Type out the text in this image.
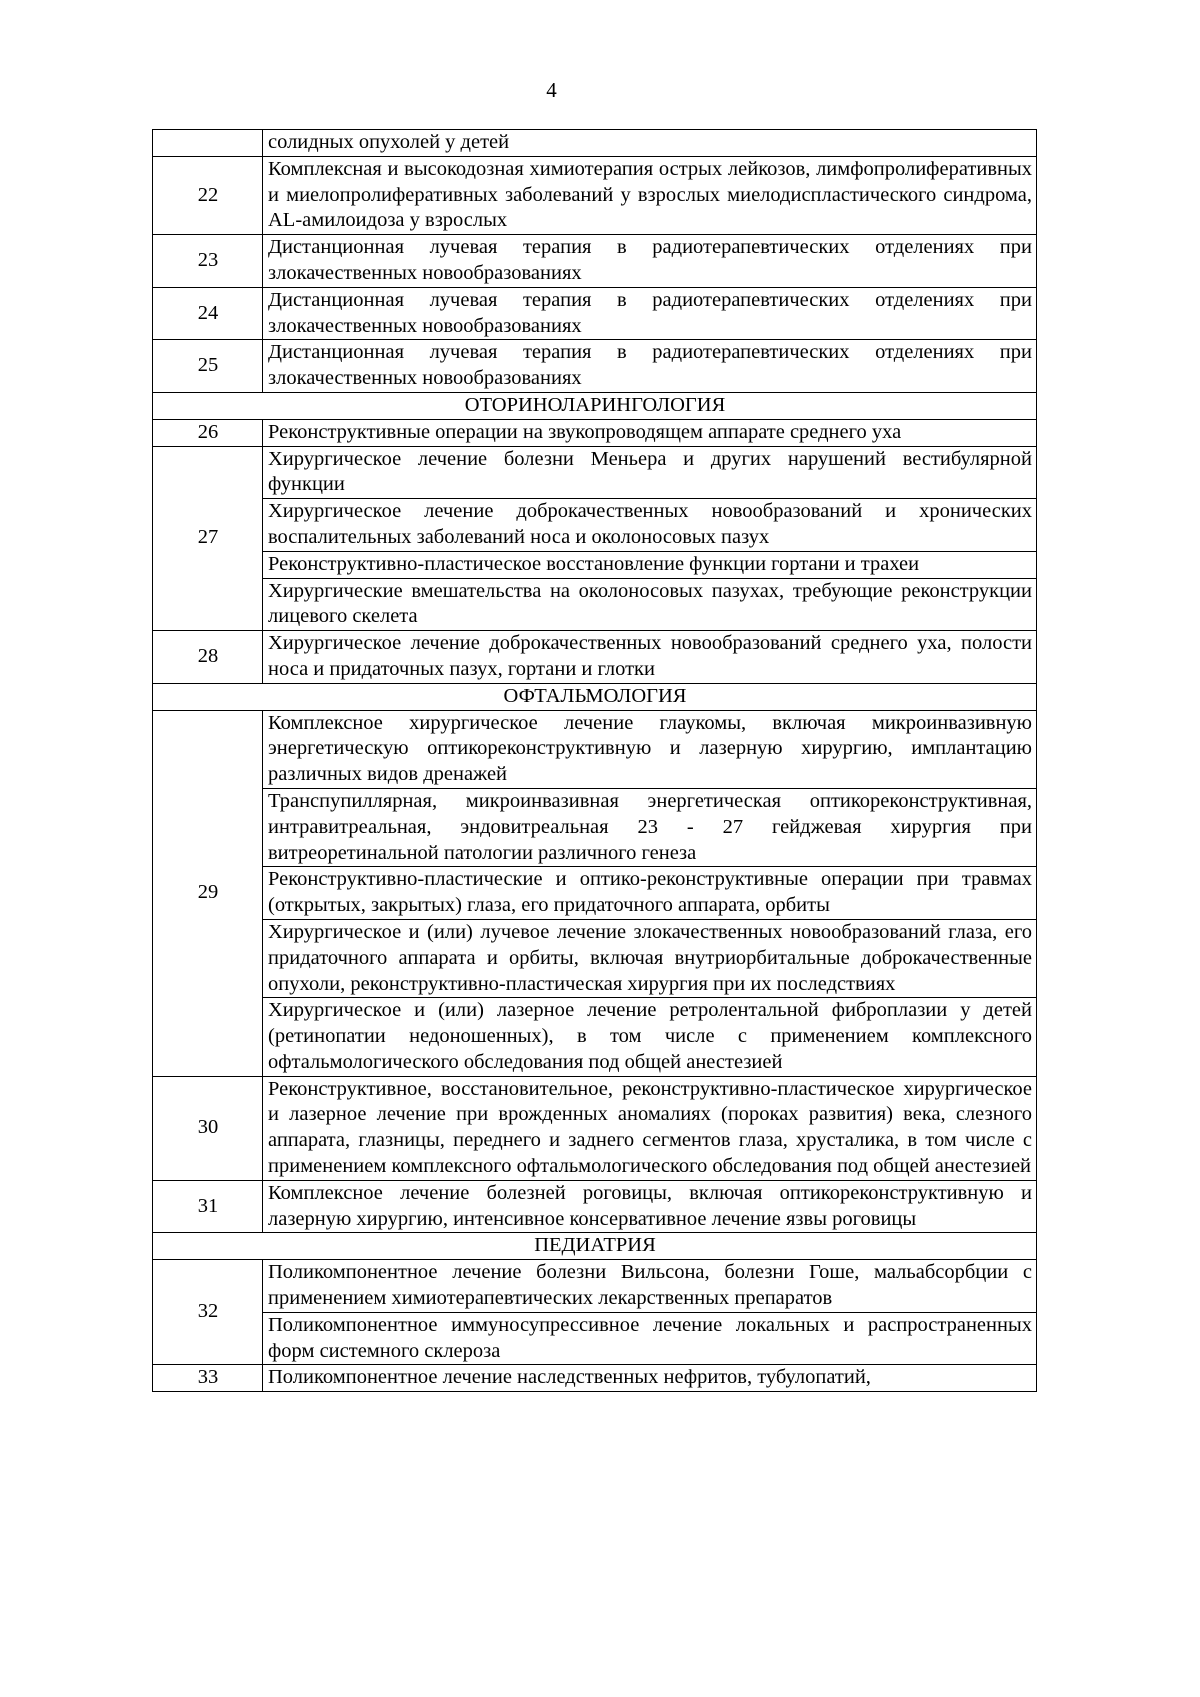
4
	солидных опухолей у детей
22	Комплексная и высокодозная химиотерапия острых лейкозов, лимфопролиферативных и миелопролиферативных заболеваний у взрослых миелодиспластического синдрома, AL-амилоидоза у взрослых
23	Дистанционная лучевая терапия в радиотерапевтических отделениях при злокачественных новообразованиях
24	Дистанционная лучевая терапия в радиотерапевтических отделениях при злокачественных новообразованиях
25	Дистанционная лучевая терапия в радиотерапевтических отделениях при злокачественных новообразованиях
ОТОРИНОЛАРИНГОЛОГИЯ	
26	Реконструктивные операции на звукопроводящем аппарате среднего уха
27	Хирургическое лечение болезни Меньера и других нарушений вестибулярной функции
	Хирургическое лечение доброкачественных новообразований и хронических воспалительных заболеваний носа и околоносовых пазух
	Реконструктивно-пластическое восстановление функции гортани и трахеи
	Хирургические вмешательства на околоносовых пазухах, требующие реконструкции лицевого скелета
28	Хирургическое лечение доброкачественных новообразований среднего уха, полости носа и придаточных пазух, гортани и глотки
ОФТАЛЬМОЛОГИЯ	
29	Комплексное хирургическое лечение глаукомы, включая микроинвазивную энергетическую оптикореконструктивную и лазерную хирургию, имплантацию различных видов дренажей
	Транспупиллярная, микроинвазивная энергетическая оптикореконструктивная, интравитреальная, эндовитреальная 23 - 27 гейджевая хирургия при витреоретинальной патологии различного генеза
	Реконструктивно-пластические и оптико-реконструктивные операции при травмах (открытых, закрытых) глаза, его придаточного аппарата, орбиты
	Хирургическое и (или) лучевое лечение злокачественных новообразований глаза, его придаточного аппарата и орбиты, включая внутриорбитальные доброкачественные опухоли, реконструктивно-пластическая хирургия при их последствиях
	Хирургическое и (или) лазерное лечение ретролентальной фиброплазии у детей (ретинопатии недоношенных), в том числе с применением комплексного офтальмологического обследования под общей анестезией
30	Реконструктивное, восстановительное, реконструктивно-пластическое хирургическое и лазерное лечение при врожденных аномалиях (пороках развития) века, слезного аппарата, глазницы, переднего и заднего сегментов глаза, хрусталика, в том числе с применением комплексного офтальмологического обследования под общей анестезией
31	Комплексное лечение болезней роговицы, включая оптикореконструктивную и лазерную хирургию, интенсивное консервативное лечение язвы роговицы
ПЕДИАТРИЯ	
32	Поликомпонентное лечение болезни Вильсона, болезни Гоше, мальабсорбции с применением химиотерапевтических лекарственных препаратов
	Поликомпонентное иммуносупрессивное лечение локальных и распространенных форм системного склероза
33	Поликомпонентное лечение наследственных нефритов, тубулопатий,
